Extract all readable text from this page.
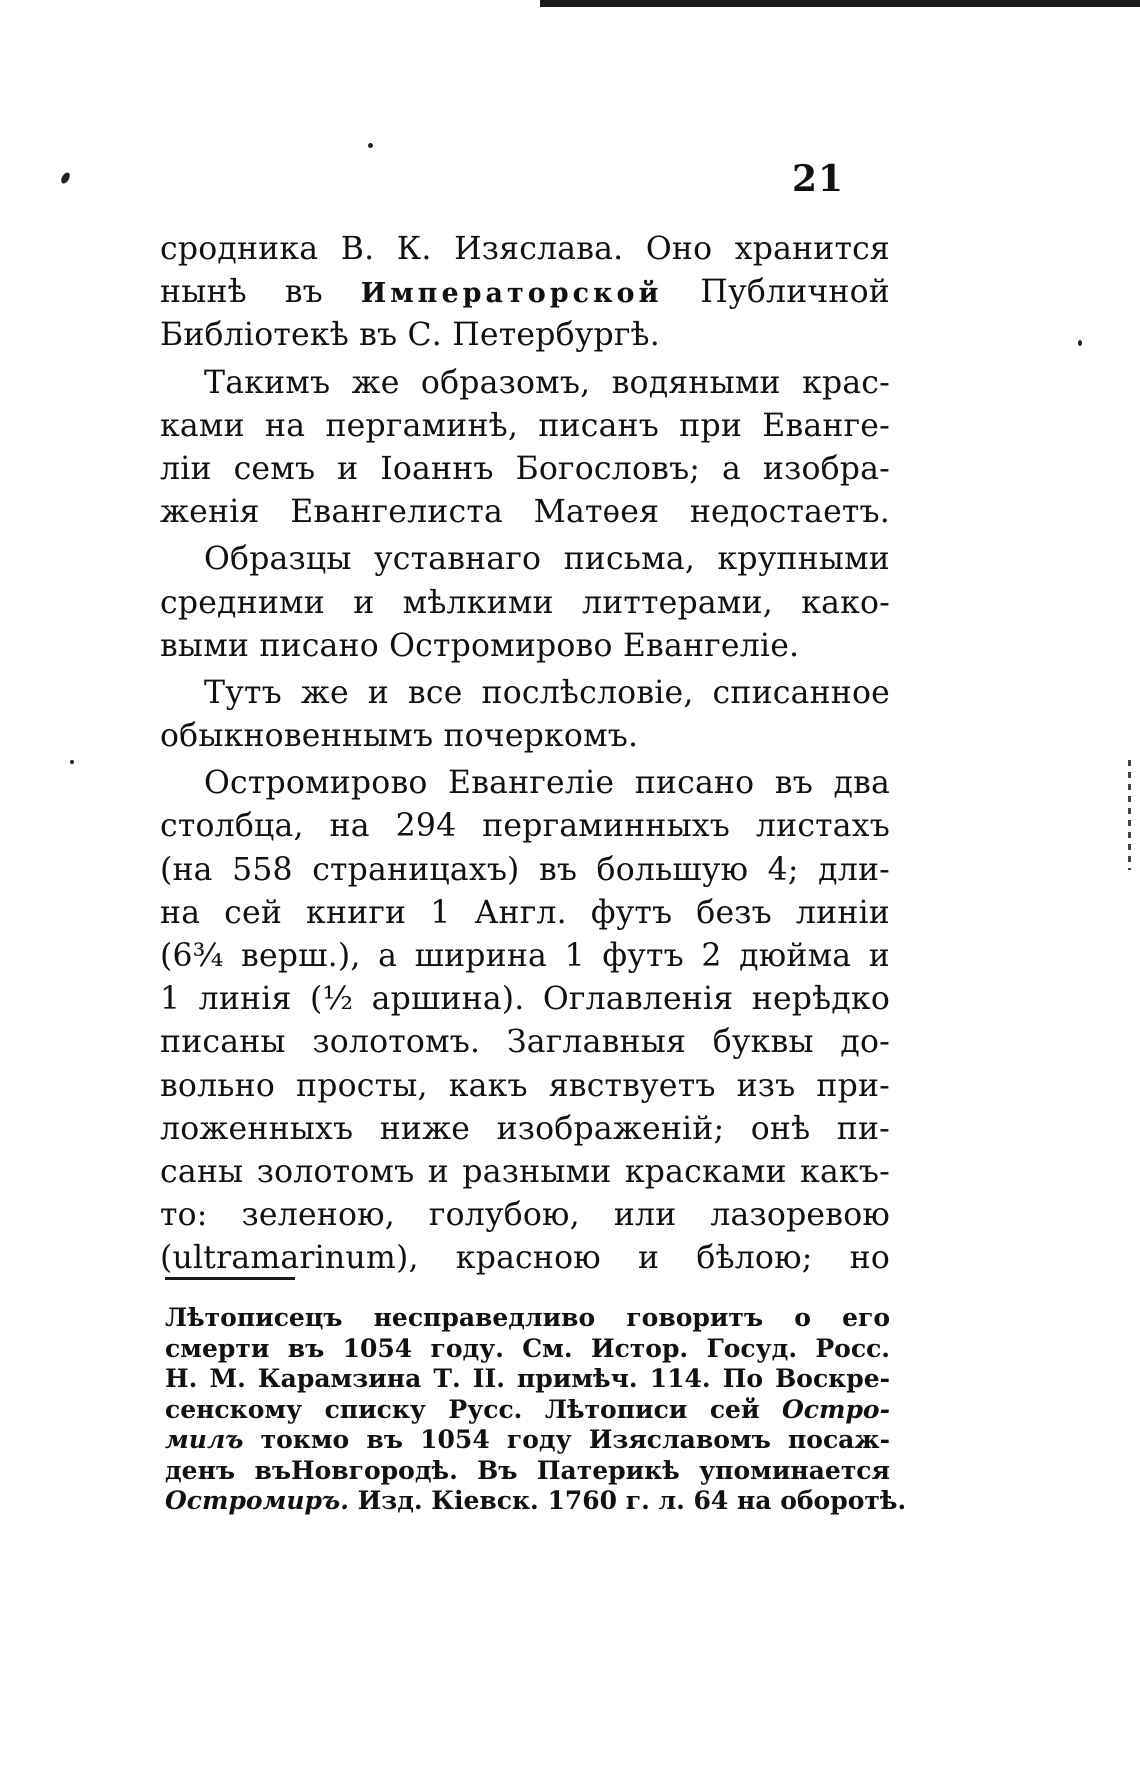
21
сродника В. К. Изяслава. Оно хранится
нынѣ въ Императорской Публичной
Библіотекѣ въ С. Петербургѣ.
Такимъ же образомъ, водяными крас-
ками на пергаминѣ, писанъ при Еванге-
ліи семъ и Іоаннъ Богословъ; а изобра-
женія Евангелиста Матѳея недостаетъ.
Образцы уставнаго письма, крупными
средними и мѣлкими литтерами, како-
выми писано Остромирово Евангеліе.
Тутъ же и все послѣсловіе, списанное
обыкновеннымъ почеркомъ.
Остромирово Евангеліе писано въ два
столбца, на 294 пергаминныхъ листахъ
(на 558 страницахъ) въ большую 4; дли-
на сей книги 1 Англ. футъ безъ линіи
(6¾ верш.), а ширина 1 футъ 2 дюйма и
1 линія (½ аршина). Оглавленія нерѣдко
писаны золотомъ. Заглавныя буквы до-
вольно просты, какъ явствуетъ изъ при-
ложенныхъ ниже изображеній; онѣ пи-
саны золотомъ и разными красками какъ-
то: зеленою, голубою, или лазоревою
(ultramarinum), красною и бѣлою; но
Лѣтописецъ несправедливо говоритъ о его
смерти въ 1054 году. См. Истор. Госуд. Росс.
Н. М. Карамзина Т. II. примѣч. 114. По Воскре-
сенскому списку Русс. Лѣтописи сей Остро-
милъ токмо въ 1054 году Изяславомъ посаж-
денъ въНовгородѣ. Въ Патерикѣ упоминается
Остромиръ. Изд. Кіевск. 1760 г. л. 64 на оборотѣ.
